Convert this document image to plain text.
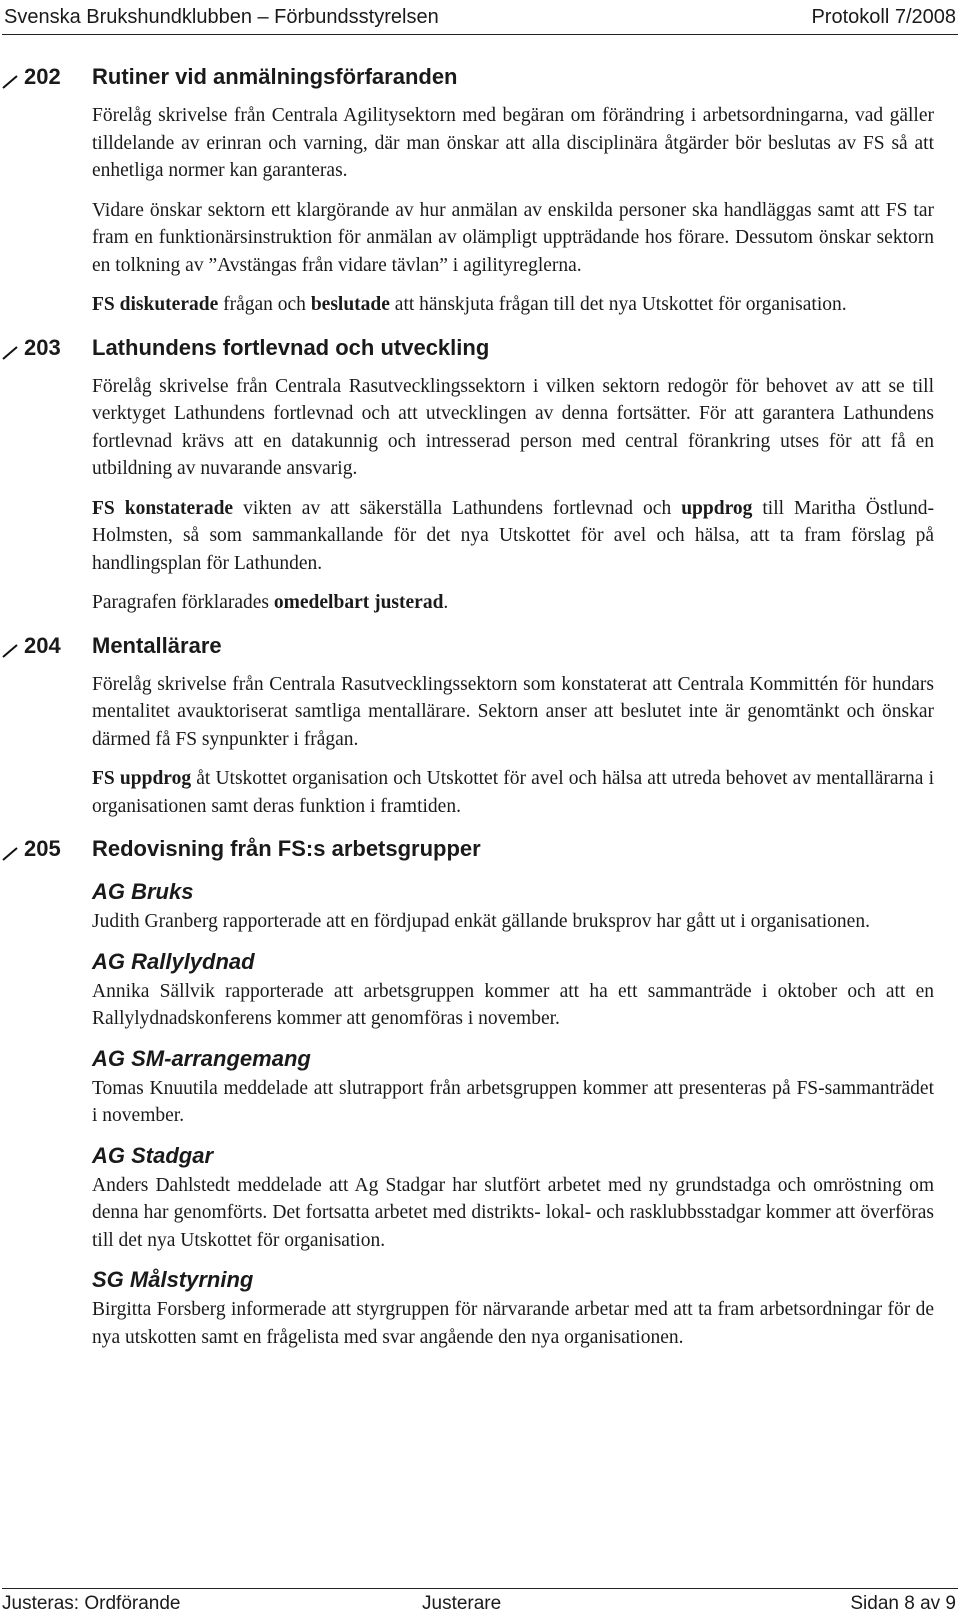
Svenska Brukshundklubben – Förbundsstyrelsen	Protokoll 7/2008
202 Rutiner vid anmälningsförfaranden

Förelåg skrivelse från Centrala Agilitysektorn med begäran om förändring i arbetsordningarna, vad gäller tilldelande av erinran och varning, där man önskar att alla disciplinära åtgärder bör beslutas av FS så att enhetliga normer kan garanteras.

Vidare önskar sektorn ett klargörande av hur anmälan av enskilda personer ska handläggas samt att FS tar fram en funktionärsinstruktion för anmälan av olämpligt uppträdande hos förare. Dessutom önskar sektorn en tolkning av ”Avstängas från vidare tävlan” i agilityreglerna.

FS diskuterade frågan och beslutade att hänskjuta frågan till det nya Utskottet för organisation.

203 Lathundens fortlevnad och utveckling

Förelåg skrivelse från Centrala Rasutvecklingssektorn i vilken sektorn redogör för behovet av att se till verktyget Lathundens fortlevnad och att utvecklingen av denna fortsätter. För att garantera Lathundens fortlevnad krävs att en datakunnig och intresserad person med central förankring utses för att få en utbildning av nuvarande ansvarig.

FS konstaterade vikten av att säkerställa Lathundens fortlevnad och uppdrog till Maritha Östlund-Holmsten, så som sammankallande för det nya Utskottet för avel och hälsa, att ta fram förslag på handlingsplan för Lathunden.

Paragrafen förklarades omedelbart justerad.

204 Mentallärare

Förelåg skrivelse från Centrala Rasutvecklingssektorn som konstaterat att Centrala Kommittén för hundars mentalitet avauktoriserat samtliga mentallärare. Sektorn anser att beslutet inte är genomtänkt och önskar därmed få FS synpunkter i frågan.

FS uppdrog åt Utskottet organisation och Utskottet för avel och hälsa att utreda behovet av mentallärarna i organisationen samt deras funktion i framtiden.

205 Redovisning från FS:s arbetsgrupper
AG Bruks

Judith Granberg rapporterade att en fördjupad enkät gällande bruksprov har gått ut i organisationen.

AG Rallylydnad

Annika Sällvik rapporterade att arbetsgruppen kommer att ha ett sammanträde i oktober och att en Rallylydnadskonferens kommer att genomföras i november.

AG SM-arrangemang

Tomas Knuutila meddelade att slutrapport från arbetsgruppen kommer att presenteras på FS-sammanträdet i november.

AG Stadgar

Anders Dahlstedt meddelade att Ag Stadgar har slutfört arbetet med ny grundstadga och omröstning om denna har genomförts. Det fortsatta arbetet med distrikts- lokal- och rasklubbsstadgar kommer att överföras till det nya Utskottet för organisation.

SG Målstyrning

Birgitta Forsberg informerade att styrgruppen för närvarande arbetar med att ta fram arbetsordningar för de nya utskotten samt en frågelista med svar angående den nya organisationen.

Justeras: Ordförande	Justerare	Sidan 8 av 9
